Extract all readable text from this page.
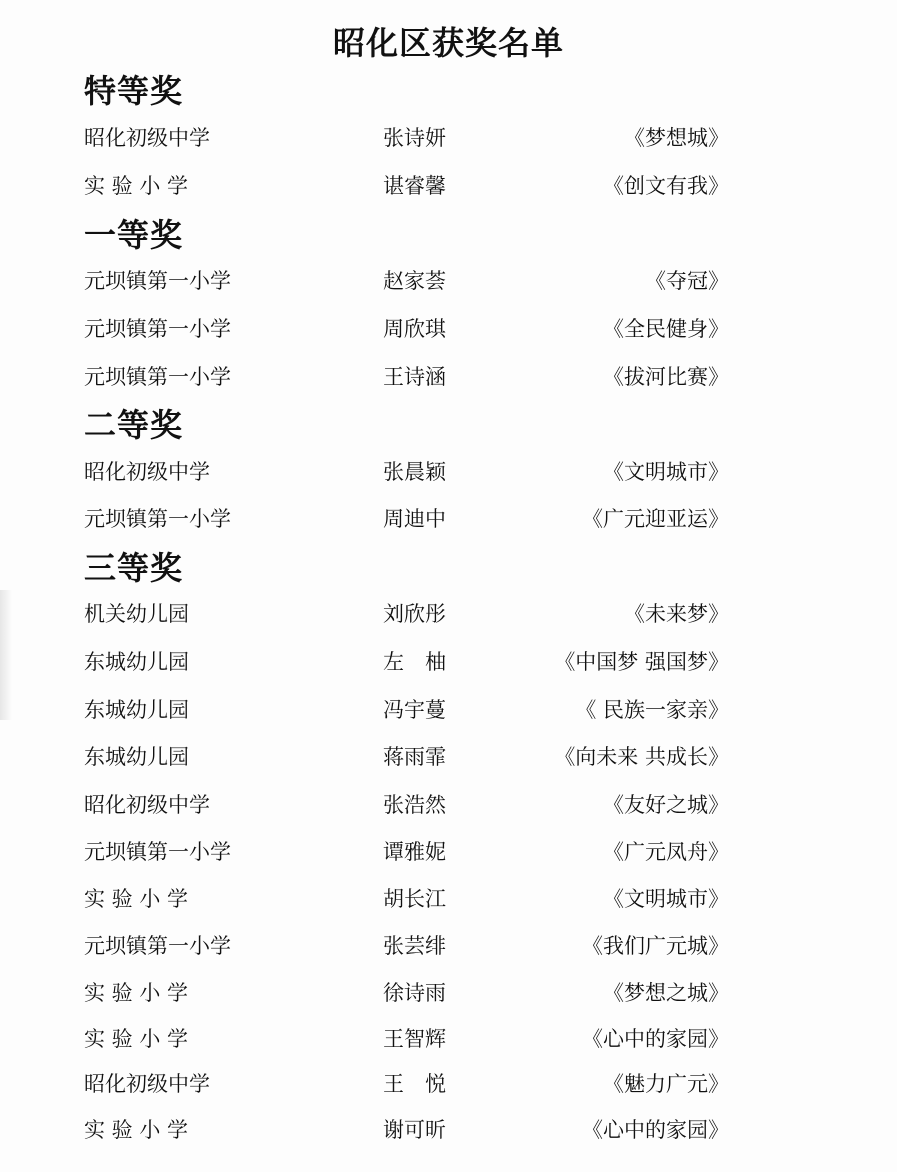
昭化区获奖名单
特等奖
昭化初级中学	张诗妍	《梦想城》
实 验 小 学	谌睿馨	《创文有我》
一等奖
元坝镇第一小学	赵家荟	《夺冠》
元坝镇第一小学	周欣琪	《全民健身》
元坝镇第一小学	王诗涵	《拔河比赛》
二等奖
昭化初级中学	张晨颖	《文明城市》
元坝镇第一小学	周迪中	《广元迎亚运》
三等奖
机关幼儿园	刘欣彤	《未来梦》
东城幼儿园	左　柚	《中国梦 强国梦》
东城幼儿园	冯宇蔓	《 民族一家亲》
东城幼儿园	蒋雨霏	《向未来 共成长》
昭化初级中学	张浩然	《友好之城》
元坝镇第一小学	谭雅妮	《广元凤舟》
实 验 小 学	胡长江	《文明城市》
元坝镇第一小学	张芸绯	《我们广元城》
实 验 小 学	徐诗雨	《梦想之城》
实 验 小 学	王智辉	《心中的家园》
昭化初级中学	王　悦	《魅力广元》
实 验 小 学	谢可昕	《心中的家园》
